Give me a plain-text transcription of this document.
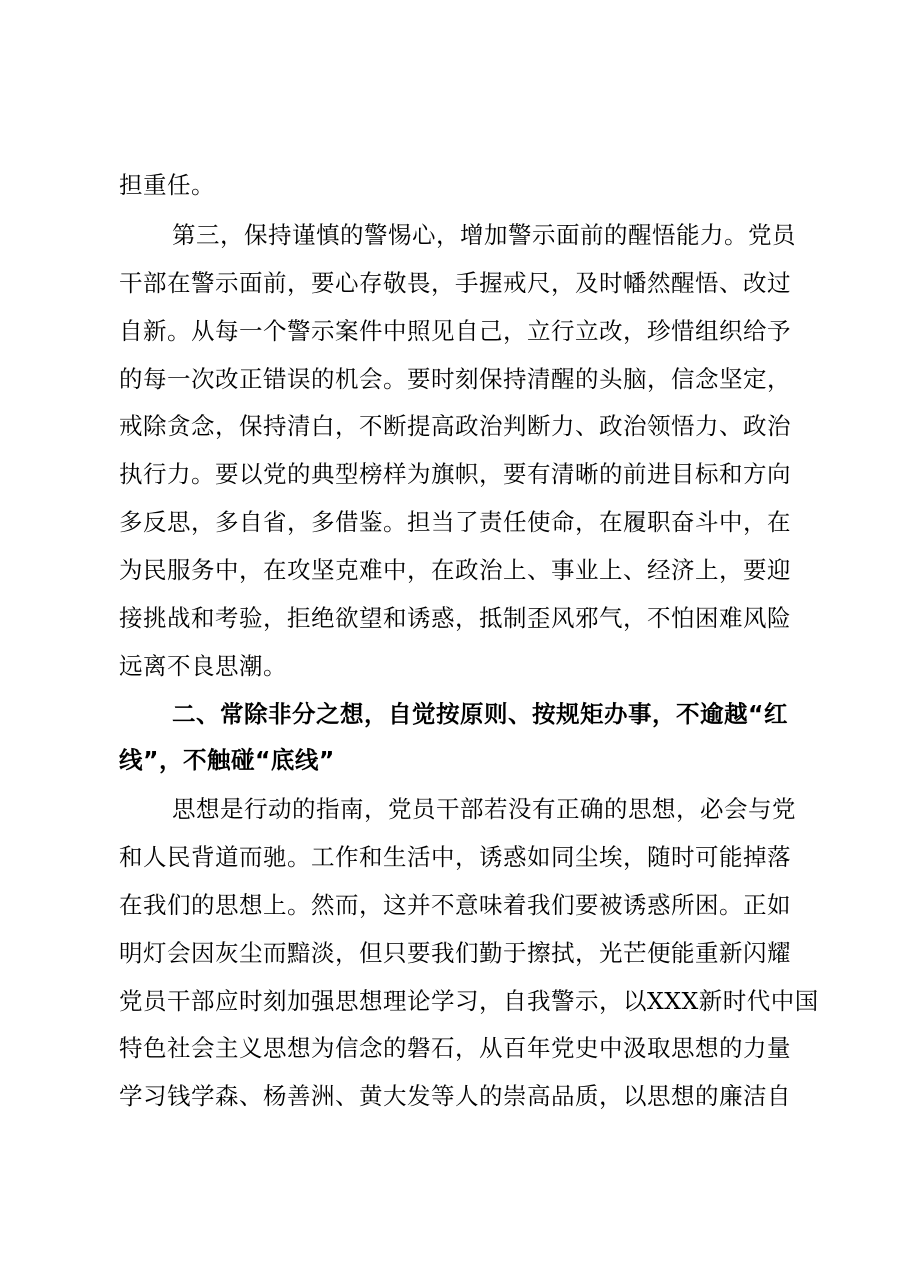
担重任。
第三，保持谨慎的警惕心，增加警示面前的醒悟能力。党员
干部在警示面前，要心存敬畏，手握戒尺，及时幡然醒悟、改过
自新。从每一个警示案件中照见自己，立行立改，珍惜组织给予
的每一次改正错误的机会。要时刻保持清醒的头脑，信念坚定，
戒除贪念，保持清白，不断提高政治判断力、政治领悟力、政治
执行力。要以党的典型榜样为旗帜，要有清晰的前进目标和方向
多反思，多自省，多借鉴。担当了责任使命，在履职奋斗中，在
为民服务中，在攻坚克难中，在政治上、事业上、经济上，要迎
接挑战和考验，拒绝欲望和诱惑，抵制歪风邪气，不怕困难风险
远离不良思潮。
二、常除非分之想，自觉按原则、按规矩办事，不逾越“红
线”，不触碰“底线”
思想是行动的指南，党员干部若没有正确的思想，必会与党
和人民背道而驰。工作和生活中，诱惑如同尘埃，随时可能掉落
在我们的思想上。然而，这并不意味着我们要被诱惑所困。正如
明灯会因灰尘而黯淡，但只要我们勤于擦拭，光芒便能重新闪耀
党员干部应时刻加强思想理论学习，自我警示，以XXX新时代中国
特色社会主义思想为信念的磐石，从百年党史中汲取思想的力量
学习钱学森、杨善洲、黄大发等人的崇高品质，以思想的廉洁自
